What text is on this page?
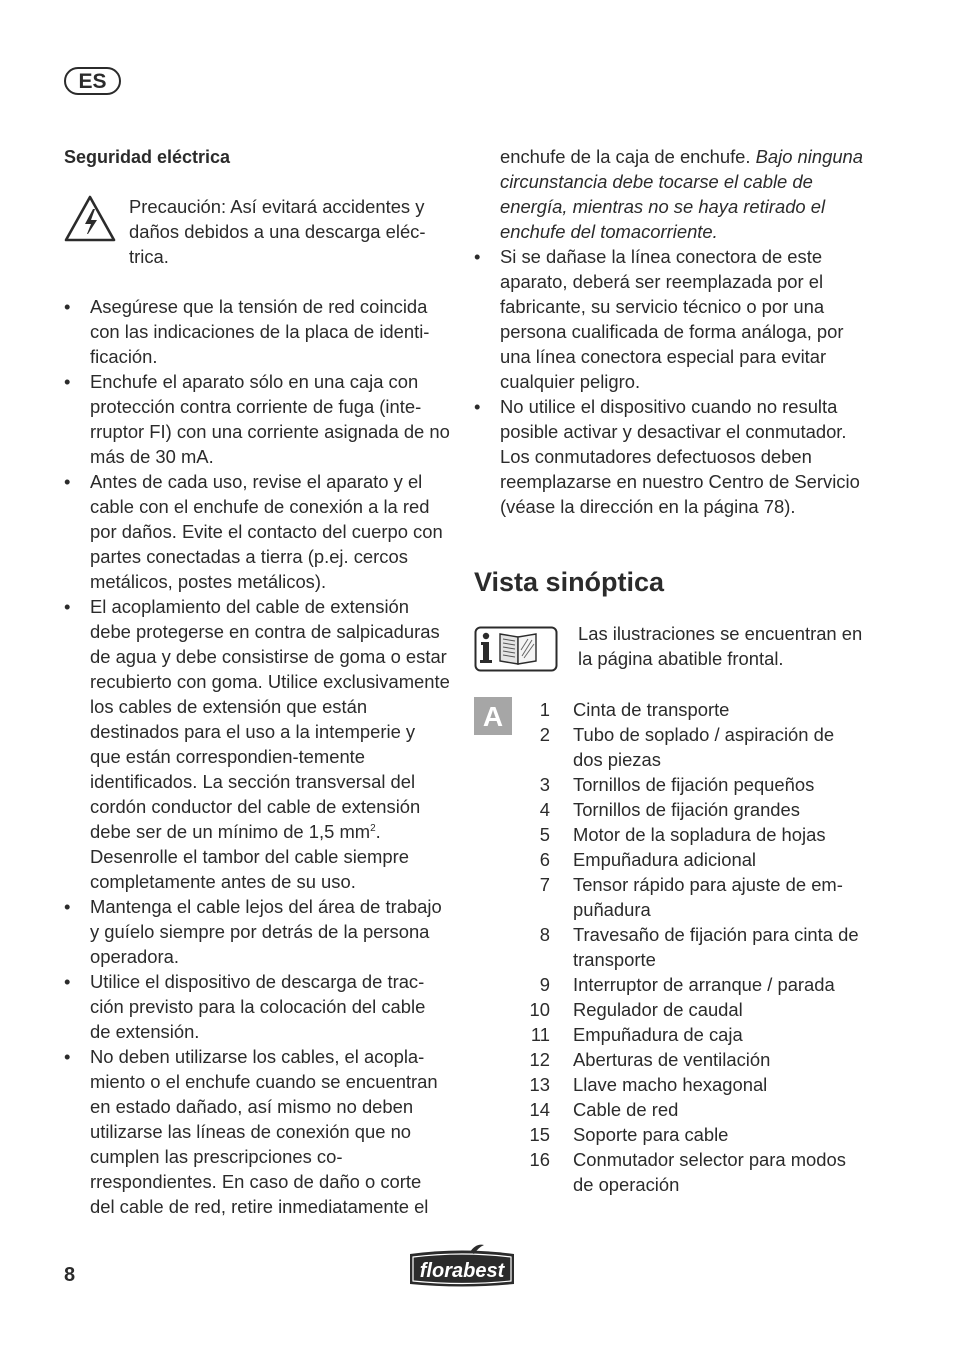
ES
Seguridad eléctrica
Precaución: Así evitará accidentes y daños debidos a una descarga eléctrica.
• Asegúrese que la tensión de red coincida con las indicaciones de la placa de identificación.
• Enchufe el aparato sólo en una caja con protección contra corriente de fuga (interruptor FI) con una corriente asignada de no más de 30 mA.
• Antes de cada uso, revise el aparato y el cable con el enchufe de conexión a la red por daños. Evite el contacto del cuerpo con partes conectadas a tierra (p.ej. cercos metálicos, postes metálicos).
• El acoplamiento del cable de extensión debe protegerse en contra de salpicaduras de agua y debe consistirse de goma o estar recubierto con goma. Utilice exclusivamente los cables de extensión que están destinados para el uso a la intemperie y que están correspondien-temente identificados. La sección transversal del cordón conductor del cable de extensión debe ser de un mínimo de 1,5 $mm^2$. Desenrolle el tambor del cable siempre completamente antes de su uso.
• Mantenga el cable lejos del área de trabajo y guíelo siempre por detrás de la persona operadora.
• Utilice el dispositivo de descarga de tracción previsto para la colocación del cable de extensión.
• No deben utilizarse los cables, el acoplamiento o el enchufe cuando se encuentran en estado dañado, así mismo no deben utilizarse las líneas de conexión que no cumplen las prescripciones correspondientes. En caso de daño o corte del cable de red, retire inmediatamente el
enchufe de la caja de enchufe. Bajo ninguna circunstancia debe tocarse el cable de energía, mientras no se haya retirado el enchufe del tomacorriente.
• Si se dañase la línea conectora de este aparato, deberá ser reemplazada por el fabricante, su servicio técnico o por una persona cualificada de forma análoga, por una línea conectora especial para evitar cualquier peligro.
• No utilice el dispositivo cuando no resulta posible activar y desactivar el conmutador. Los conmutadores defectuosos deben reemplazarse en nuestro Centro de Servicio (véase la dirección en la página 78).
Vista sinóptica
Las ilustraciones se encuentran en la página abatible frontal.
A	1 Cinta de transporte
2 Tubo de soplado / aspiración de dos piezas
3 Tornillos de fijación pequeños
4 Tornillos de fijación grandes
5 Motor de la sopladura de hojas
6 Empuñadura adicional
7 Tensor rápido para ajuste de empuñadura
8 Travesaño de fijación para cinta de transporte
9 Interruptor de arranque / parada
10 Regulador de caudal
11 Empuñadura de caja
12 Aberturas de ventilación
13 Llave macho hexagonal
14 Cable de red
15 Soporte para cable
16 Conmutador selector para modos de operación
8	florabest
